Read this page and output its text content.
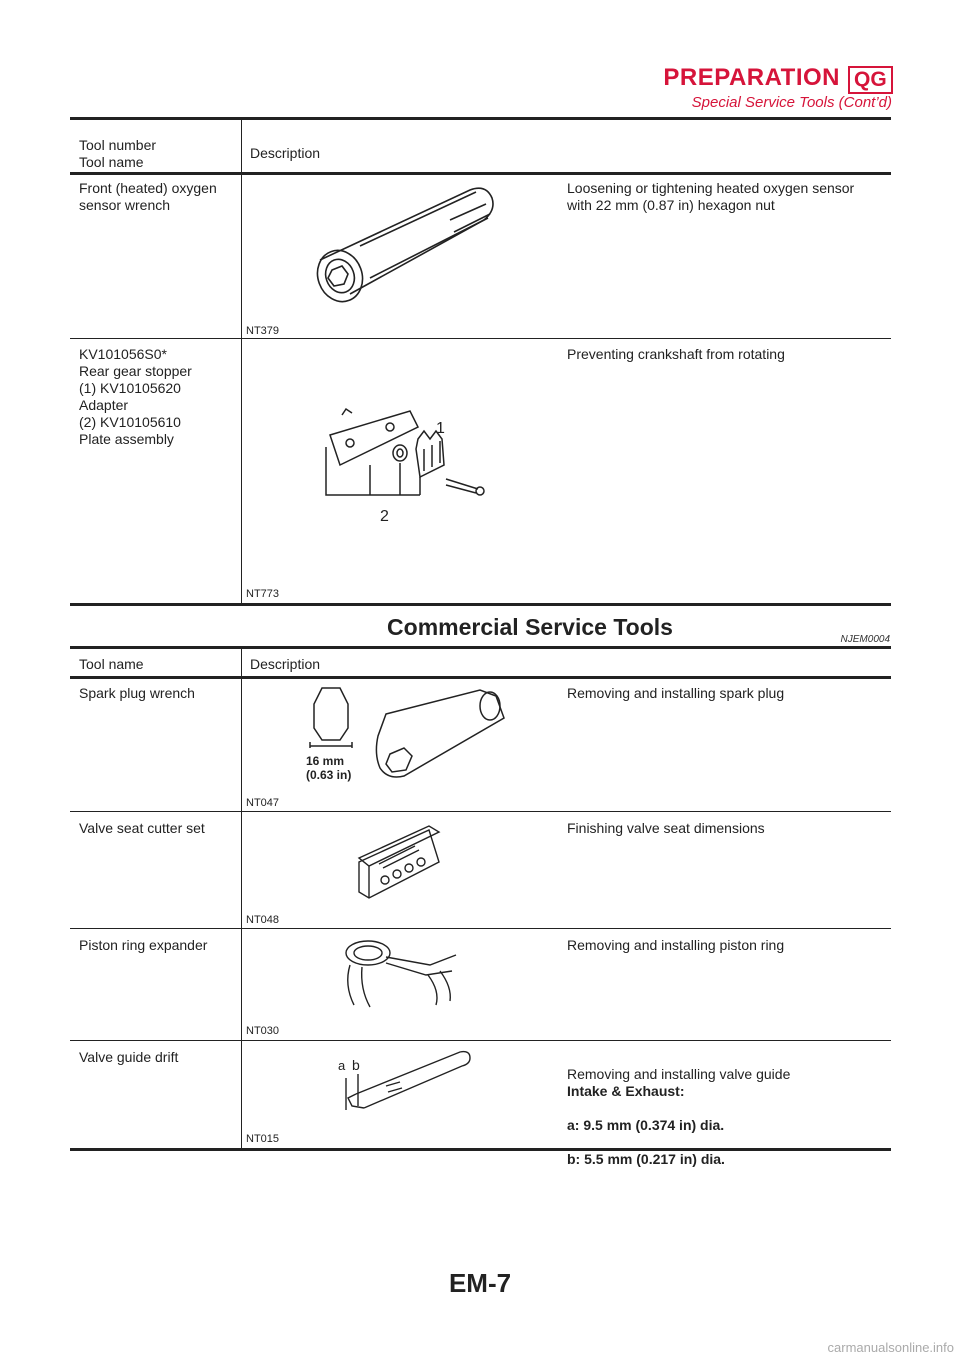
PREPARATION QG
Special Service Tools (Cont’d)
Tool number
Tool name
Description
Front (heated) oxygen
sensor wrench
NT379
Loosening or tightening heated oxygen sensor
with 22 mm (0.87 in) hexagon nut
KV101056S0*
Rear gear stopper
(1) KV10105620
Adapter
(2) KV10105610
Plate assembly
1
2
NT773
Preventing crankshaft from rotating
Commercial Service Tools	NJEM0004
Tool name	Description
Spark plug wrench
16 mm
(0.63 in)
NT047
Removing and installing spark plug
Valve seat cutter set
NT048
Finishing valve seat dimensions
Piston ring expander
NT030
Removing and installing piston ring
Valve guide drift
a b
NT015

Removing and installing valve guide

Intake & Exhaust:

a: 9.5 mm (0.374 in) dia.

b: 5.5 mm (0.217 in) dia.

EM-7
carmanualsonline.info
